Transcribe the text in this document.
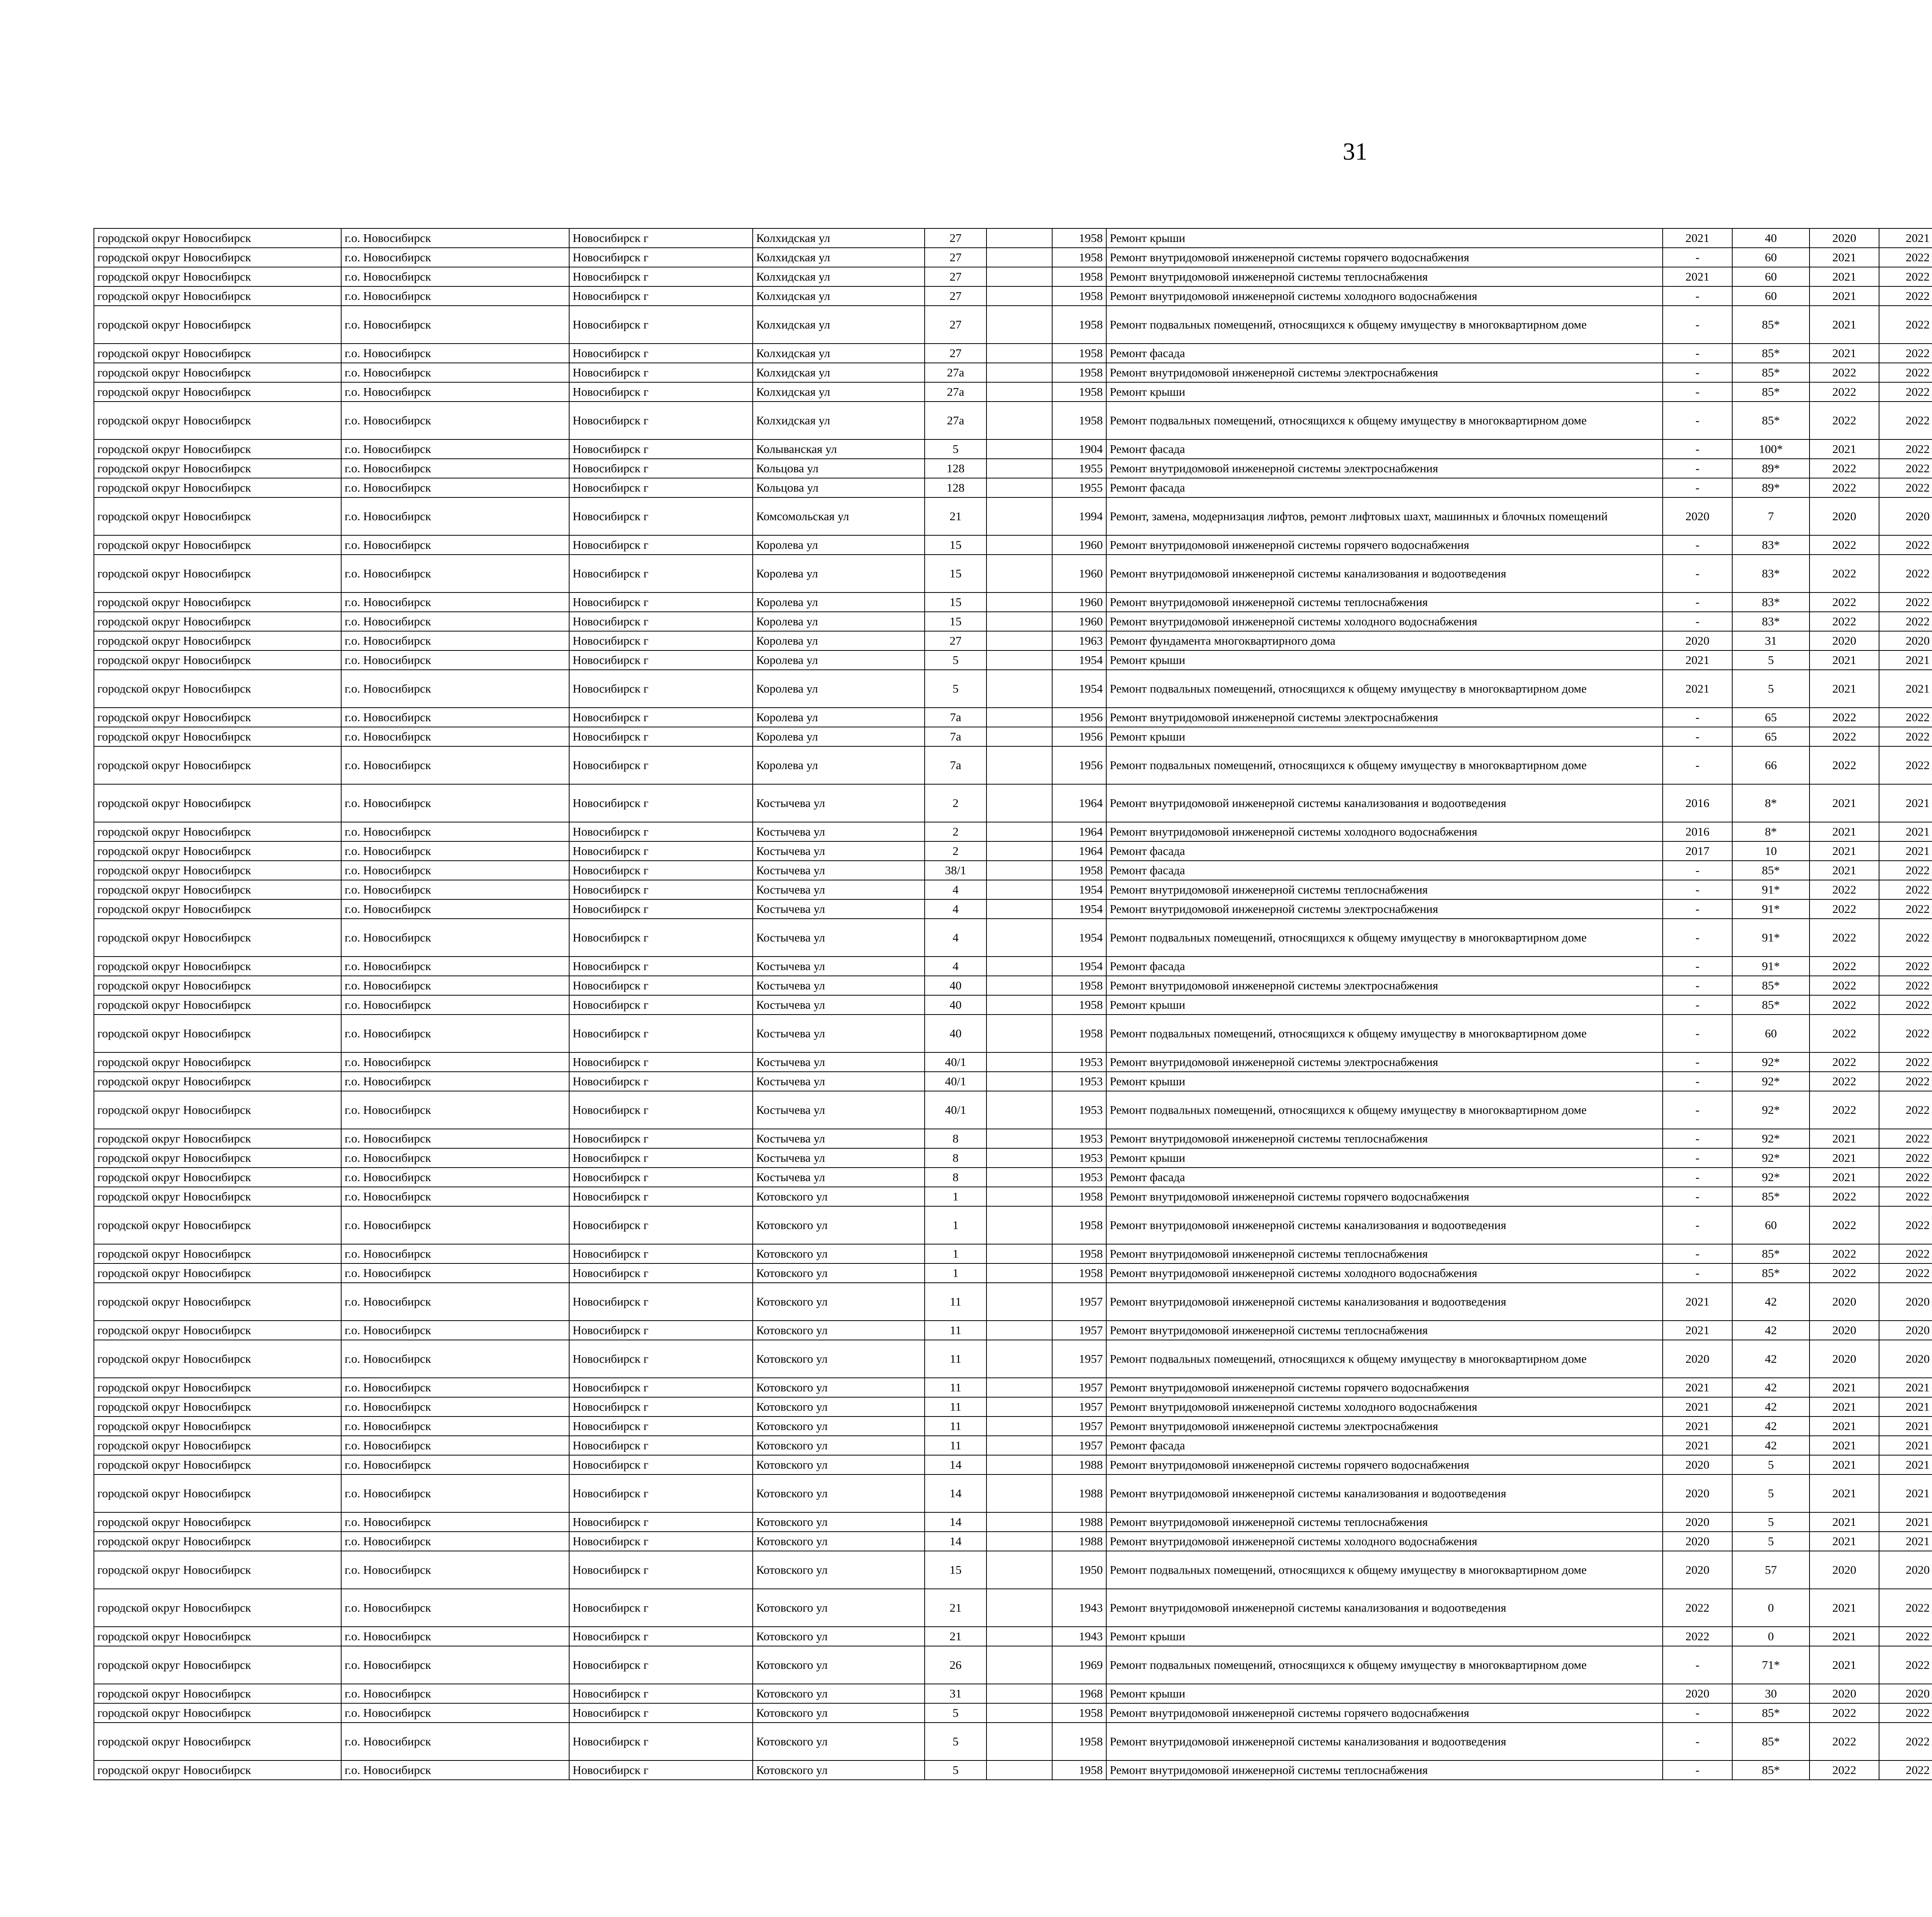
31
городской округ Новосибирск	г.о. Новосибирск	Новосибирск г	Колхидская ул	27		1958	Ремонт крыши	2021	40	2020	2021					
городской округ Новосибирск	г.о. Новосибирск	Новосибирск г	Колхидская ул	27		1958	Ремонт внутридомовой инженерной системы горячего водоснабжения	-	60	2021	2022					
городской округ Новосибирск	г.о. Новосибирск	Новосибирск г	Колхидская ул	27		1958	Ремонт внутридомовой инженерной системы теплоснабжения	2021	60	2021	2022					
городской округ Новосибирск	г.о. Новосибирск	Новосибирск г	Колхидская ул	27		1958	Ремонт внутридомовой инженерной системы холодного водоснабжения	-	60	2021	2022					
городской округ Новосибирск	г.о. Новосибирск	Новосибирск г	Колхидская ул	27		1958	Ремонт подвальных помещений, относящихся к общему имуществу в многоквартирном доме	-	85*	2021	2022					
городской округ Новосибирск	г.о. Новосибирск	Новосибирск г	Колхидская ул	27		1958	Ремонт фасада	-	85*	2021	2022					
городской округ Новосибирск	г.о. Новосибирск	Новосибирск г	Колхидская ул	27а		1958	Ремонт внутридомовой инженерной системы электроснабжения	-	85*	2022	2022					
городской округ Новосибирск	г.о. Новосибирск	Новосибирск г	Колхидская ул	27а		1958	Ремонт крыши	-	85*	2022	2022					
городской округ Новосибирск	г.о. Новосибирск	Новосибирск г	Колхидская ул	27а		1958	Ремонт подвальных помещений, относящихся к общему имуществу в многоквартирном доме	-	85*	2022	2022					
городской округ Новосибирск	г.о. Новосибирск	Новосибирск г	Колыванская ул	5		1904	Ремонт фасада	-	100*	2021	2022					
городской округ Новосибирск	г.о. Новосибирск	Новосибирск г	Кольцова ул	128		1955	Ремонт внутридомовой инженерной системы электроснабжения	-	89*	2022	2022					
городской округ Новосибирск	г.о. Новосибирск	Новосибирск г	Кольцова ул	128		1955	Ремонт фасада	-	89*	2022	2022					
городской округ Новосибирск	г.о. Новосибирск	Новосибирск г	Комсомольская ул	21		1994	Ремонт, замена, модернизация лифтов, ремонт лифтовых шахт, машинных и блочных помещений	2020	7	2020	2020					
городской округ Новосибирск	г.о. Новосибирск	Новосибирск г	Королева ул	15		1960	Ремонт внутридомовой инженерной системы горячего водоснабжения	-	83*	2022	2022					
городской округ Новосибирск	г.о. Новосибирск	Новосибирск г	Королева ул	15		1960	Ремонт внутридомовой инженерной системы канализования и водоотведения	-	83*	2022	2022					
городской округ Новосибирск	г.о. Новосибирск	Новосибирск г	Королева ул	15		1960	Ремонт внутридомовой инженерной системы теплоснабжения	-	83*	2022	2022					
городской округ Новосибирск	г.о. Новосибирск	Новосибирск г	Королева ул	15		1960	Ремонт внутридомовой инженерной системы холодного водоснабжения	-	83*	2022	2022					
городской округ Новосибирск	г.о. Новосибирск	Новосибирск г	Королева ул	27		1963	Ремонт фундамента многоквартирного дома	2020	31	2020	2020					
городской округ Новосибирск	г.о. Новосибирск	Новосибирск г	Королева ул	5		1954	Ремонт крыши	2021	5	2021	2021					
городской округ Новосибирск	г.о. Новосибирск	Новосибирск г	Королева ул	5		1954	Ремонт подвальных помещений, относящихся к общему имуществу в многоквартирном доме	2021	5	2021	2021					
городской округ Новосибирск	г.о. Новосибирск	Новосибирск г	Королева ул	7а		1956	Ремонт внутридомовой инженерной системы электроснабжения	-	65	2022	2022					
городской округ Новосибирск	г.о. Новосибирск	Новосибирск г	Королева ул	7а		1956	Ремонт крыши	-	65	2022	2022					
городской округ Новосибирск	г.о. Новосибирск	Новосибирск г	Королева ул	7а		1956	Ремонт подвальных помещений, относящихся к общему имуществу в многоквартирном доме	-	66	2022	2022					
городской округ Новосибирск	г.о. Новосибирск	Новосибирск г	Костычева ул	2		1964	Ремонт внутридомовой инженерной системы канализования и водоотведения	2016	8*	2021	2021					
городской округ Новосибирск	г.о. Новосибирск	Новосибирск г	Костычева ул	2		1964	Ремонт внутридомовой инженерной системы холодного водоснабжения	2016	8*	2021	2021					
городской округ Новосибирск	г.о. Новосибирск	Новосибирск г	Костычева ул	2		1964	Ремонт фасада	2017	10	2021	2021					
городской округ Новосибирск	г.о. Новосибирск	Новосибирск г	Костычева ул	38/1		1958	Ремонт фасада	-	85*	2021	2022					
городской округ Новосибирск	г.о. Новосибирск	Новосибирск г	Костычева ул	4		1954	Ремонт внутридомовой инженерной системы теплоснабжения	-	91*	2022	2022					
городской округ Новосибирск	г.о. Новосибирск	Новосибирск г	Костычева ул	4		1954	Ремонт внутридомовой инженерной системы электроснабжения	-	91*	2022	2022					
городской округ Новосибирск	г.о. Новосибирск	Новосибирск г	Костычева ул	4		1954	Ремонт подвальных помещений, относящихся к общему имуществу в многоквартирном доме	-	91*	2022	2022					
городской округ Новосибирск	г.о. Новосибирск	Новосибирск г	Костычева ул	4		1954	Ремонт фасада	-	91*	2022	2022					
городской округ Новосибирск	г.о. Новосибирск	Новосибирск г	Костычева ул	40		1958	Ремонт внутридомовой инженерной системы электроснабжения	-	85*	2022	2022					
городской округ Новосибирск	г.о. Новосибирск	Новосибирск г	Костычева ул	40		1958	Ремонт крыши	-	85*	2022	2022					
городской округ Новосибирск	г.о. Новосибирск	Новосибирск г	Костычева ул	40		1958	Ремонт подвальных помещений, относящихся к общему имуществу в многоквартирном доме	-	60	2022	2022					
городской округ Новосибирск	г.о. Новосибирск	Новосибирск г	Костычева ул	40/1		1953	Ремонт внутридомовой инженерной системы электроснабжения	-	92*	2022	2022					
городской округ Новосибирск	г.о. Новосибирск	Новосибирск г	Костычева ул	40/1		1953	Ремонт крыши	-	92*	2022	2022					
городской округ Новосибирск	г.о. Новосибирск	Новосибирск г	Костычева ул	40/1		1953	Ремонт подвальных помещений, относящихся к общему имуществу в многоквартирном доме	-	92*	2022	2022					
городской округ Новосибирск	г.о. Новосибирск	Новосибирск г	Костычева ул	8		1953	Ремонт внутридомовой инженерной системы теплоснабжения	-	92*	2021	2022					
городской округ Новосибирск	г.о. Новосибирск	Новосибирск г	Костычева ул	8		1953	Ремонт крыши	-	92*	2021	2022					
городской округ Новосибирск	г.о. Новосибирск	Новосибирск г	Костычева ул	8		1953	Ремонт фасада	-	92*	2021	2022					
городской округ Новосибирск	г.о. Новосибирск	Новосибирск г	Котовского ул	1		1958	Ремонт внутридомовой инженерной системы горячего водоснабжения	-	85*	2022	2022					
городской округ Новосибирск	г.о. Новосибирск	Новосибирск г	Котовского ул	1		1958	Ремонт внутридомовой инженерной системы канализования и водоотведения	-	60	2022	2022					
городской округ Новосибирск	г.о. Новосибирск	Новосибирск г	Котовского ул	1		1958	Ремонт внутридомовой инженерной системы теплоснабжения	-	85*	2022	2022					
городской округ Новосибирск	г.о. Новосибирск	Новосибирск г	Котовского ул	1		1958	Ремонт внутридомовой инженерной системы холодного водоснабжения	-	85*	2022	2022					
городской округ Новосибирск	г.о. Новосибирск	Новосибирск г	Котовского ул	11		1957	Ремонт внутридомовой инженерной системы канализования и водоотведения	2021	42	2020	2020					
городской округ Новосибирск	г.о. Новосибирск	Новосибирск г	Котовского ул	11		1957	Ремонт внутридомовой инженерной системы теплоснабжения	2021	42	2020	2020					
городской округ Новосибирск	г.о. Новосибирск	Новосибирск г	Котовского ул	11		1957	Ремонт подвальных помещений, относящихся к общему имуществу в многоквартирном доме	2020	42	2020	2020					
городской округ Новосибирск	г.о. Новосибирск	Новосибирск г	Котовского ул	11		1957	Ремонт внутридомовой инженерной системы горячего водоснабжения	2021	42	2021	2021					
городской округ Новосибирск	г.о. Новосибирск	Новосибирск г	Котовского ул	11		1957	Ремонт внутридомовой инженерной системы холодного водоснабжения	2021	42	2021	2021					
городской округ Новосибирск	г.о. Новосибирск	Новосибирск г	Котовского ул	11		1957	Ремонт внутридомовой инженерной системы электроснабжения	2021	42	2021	2021					
городской округ Новосибирск	г.о. Новосибирск	Новосибирск г	Котовского ул	11		1957	Ремонт фасада	2021	42	2021	2021					
городской округ Новосибирск	г.о. Новосибирск	Новосибирск г	Котовского ул	14		1988	Ремонт внутридомовой инженерной системы горячего водоснабжения	2020	5	2021	2021					
городской округ Новосибирск	г.о. Новосибирск	Новосибирск г	Котовского ул	14		1988	Ремонт внутридомовой инженерной системы канализования и водоотведения	2020	5	2021	2021					
городской округ Новосибирск	г.о. Новосибирск	Новосибирск г	Котовского ул	14		1988	Ремонт внутридомовой инженерной системы теплоснабжения	2020	5	2021	2021					
городской округ Новосибирск	г.о. Новосибирск	Новосибирск г	Котовского ул	14		1988	Ремонт внутридомовой инженерной системы холодного водоснабжения	2020	5	2021	2021					
городской округ Новосибирск	г.о. Новосибирск	Новосибирск г	Котовского ул	15		1950	Ремонт подвальных помещений, относящихся к общему имуществу в многоквартирном доме	2020	57	2020	2020					
городской округ Новосибирск	г.о. Новосибирск	Новосибирск г	Котовского ул	21		1943	Ремонт внутридомовой инженерной системы канализования и водоотведения	2022	0	2021	2022					
городской округ Новосибирск	г.о. Новосибирск	Новосибирск г	Котовского ул	21		1943	Ремонт крыши	2022	0	2021	2022					
городской округ Новосибирск	г.о. Новосибирск	Новосибирск г	Котовского ул	26		1969	Ремонт подвальных помещений, относящихся к общему имуществу в многоквартирном доме	-	71*	2021	2022					
городской округ Новосибирск	г.о. Новосибирск	Новосибирск г	Котовского ул	31		1968	Ремонт крыши	2020	30	2020	2020					
городской округ Новосибирск	г.о. Новосибирск	Новосибирск г	Котовского ул	5		1958	Ремонт внутридомовой инженерной системы горячего водоснабжения	-	85*	2022	2022					
городской округ Новосибирск	г.о. Новосибирск	Новосибирск г	Котовского ул	5		1958	Ремонт внутридомовой инженерной системы канализования и водоотведения	-	85*	2022	2022					
городской округ Новосибирск	г.о. Новосибирск	Новосибирск г	Котовского ул	5		1958	Ремонт внутридомовой инженерной системы теплоснабжения	-	85*	2022	2022					
